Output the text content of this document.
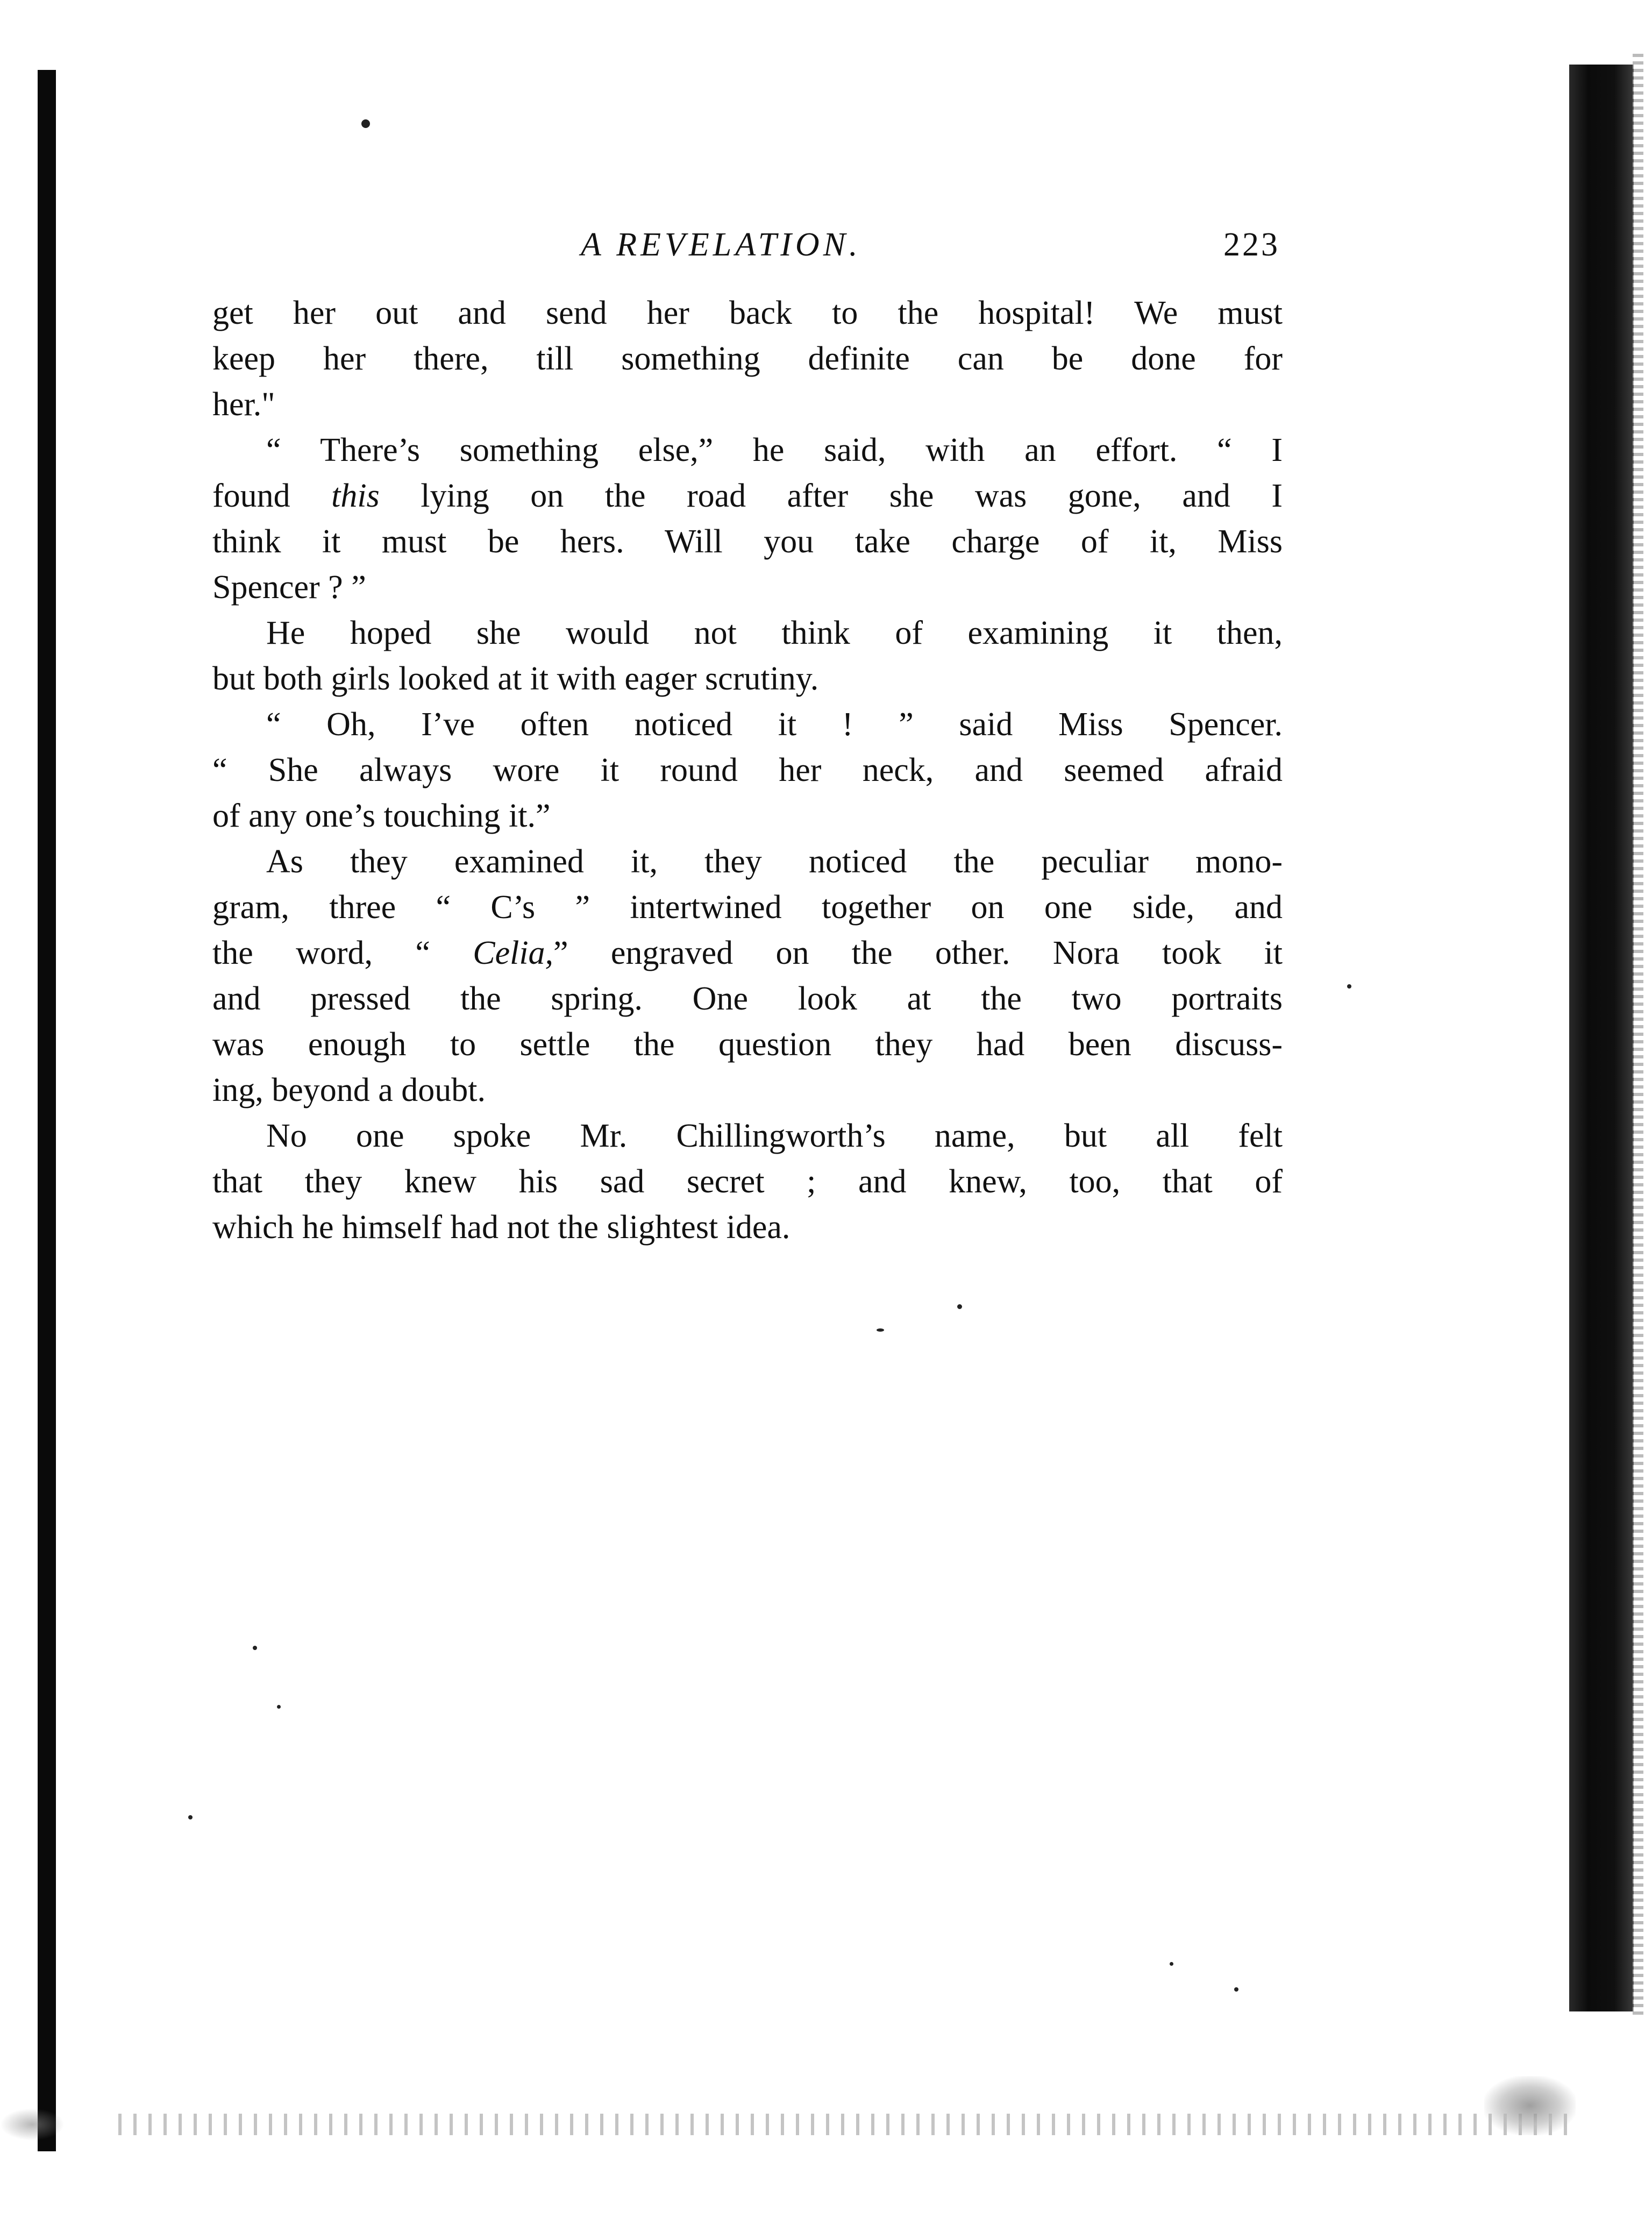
A REVELATION.	223
get her out and send her back to the hospital! We must
keep her there, till something definite can be done for
her."
“ There’s something else,” he said, with an effort. “ I
found this lying on the road after she was gone, and I
think it must be hers. Will you take charge of it, Miss
Spencer ? ”
He hoped she would not think of examining it then,
but both girls looked at it with eager scrutiny.
“ Oh, I’ve often noticed it ! ” said Miss Spencer.
“ She always wore it round her neck, and seemed afraid
of any one’s touching it.”
As they examined it, they noticed the peculiar mono-
gram, three “ C’s ” intertwined together on one side, and
the word, “ Celia,” engraved on the other. Nora took it
and pressed the spring. One look at the two portraits
was enough to settle the question they had been discuss-
ing, beyond a doubt.
No one spoke Mr. Chillingworth’s name, but all felt
that they knew his sad secret ; and knew, too, that of
which he himself had not the slightest idea.
